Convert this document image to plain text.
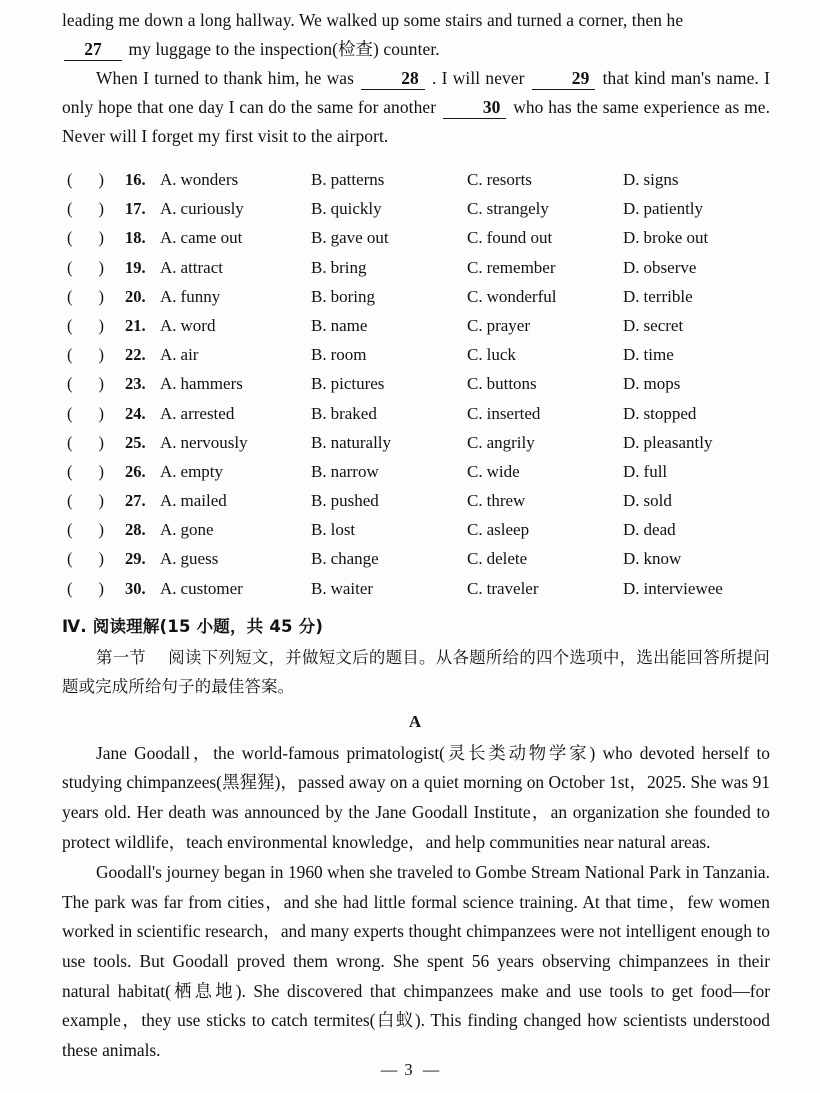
leading me down a long hallway. We walked up some stairs and turned a corner, then he

27 my luggage to the inspection(检查) counter.

When I turned to thank him, he was	28 . I will never	29 that kind man's name. I only hope that one day I can do the same for another	30 who has the same experience as me. Never will I forget my first visit to the airport.

( ) 16. A. wonders	B. patterns	C. resorts	D. signs
( ) 17. A. curiously	B. quickly	C. strangely	D. patiently
( ) 18. A. came out	B. gave out	C. found out	D. broke out
( ) 19. A. attract	B. bring	C. remember	D. observe
( ) 20. A. funny	B. boring	C. wonderful	D. terrible
( ) 21. A. word	B. name	C. prayer	D. secret
( ) 22. A. air	B. room	C. luck	D. time
( ) 23. A. hammers	B. pictures	C. buttons	D. mops
( ) 24. A. arrested	B. braked	C. inserted	D. stopped
( ) 25. A. nervously	B. naturally	C. angrily	D. pleasantly
( ) 26. A. empty	B. narrow	C. wide	D. full
( ) 27. A. mailed	B. pushed	C. threw	D. sold
( ) 28. A. gone	B. lost	C. asleep	D. dead
( ) 29. A. guess	B. change	C. delete	D. know
( ) 30. A. customer	B. waiter	C. traveler	D. interviewee

Ⅳ. 阅读理解(15 小题，共 45 分)

第一节 阅读下列短文，并做短文后的题目。从各题所给的四个选项中，选出能回答所提问题或完成所给句子的最佳答案。

A

Jane Goodall，the world-famous primatologist(灵长类动物学家) who devoted herself to studying chimpanzees(黑猩猩)，passed away on a quiet morning on October 1st，2025. She was 91 years old. Her death was announced by the Jane Goodall Institute，an organization she founded to protect wildlife，teach environmental knowledge，and help communities near natural areas.

Goodall's journey began in 1960 when she traveled to Gombe Stream National Park in Tanzania. The park was far from cities，and she had little formal science training. At that time，few women worked in scientific research，and many experts thought chimpanzees were not intelligent enough to use tools. But Goodall proved them wrong. She spent 56 years observing chimpanzees in their natural habitat(栖息地). She discovered that chimpanzees make and use tools to get food—for example，they use sticks to catch termites(白蚁). This finding changed how scientists understood these animals.

— 3 —
